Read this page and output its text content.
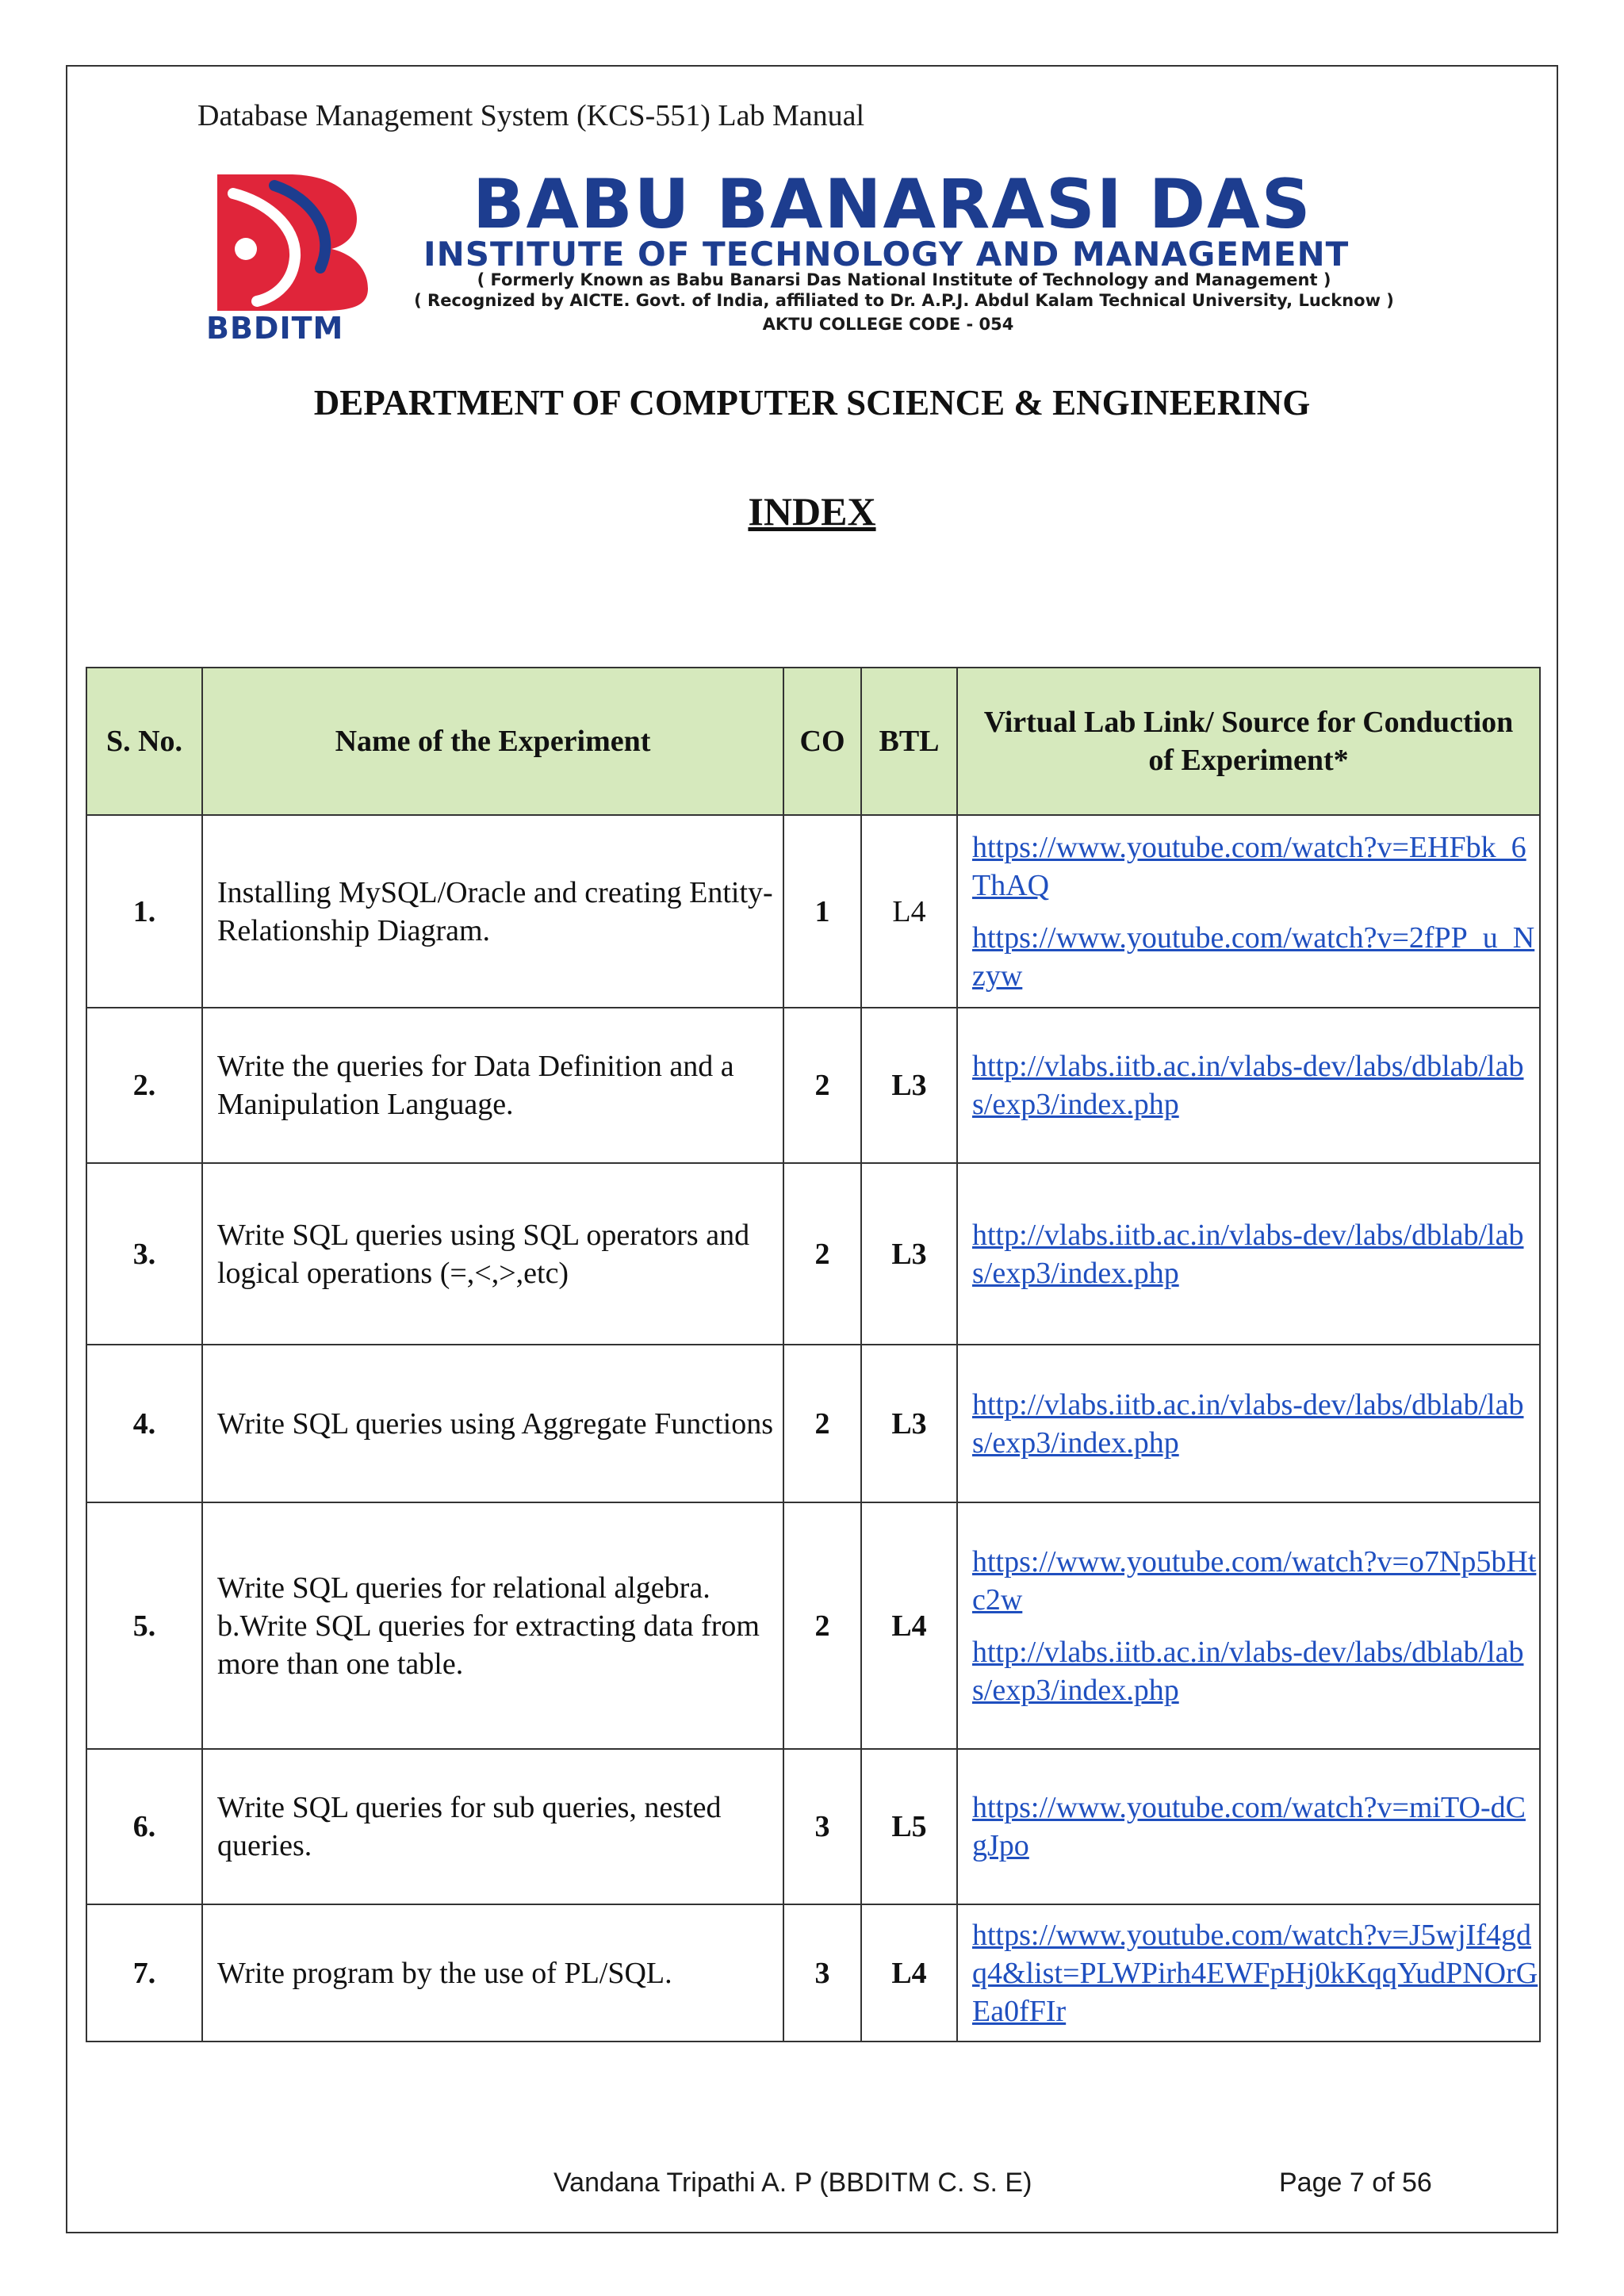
Database Management System (KCS-551) Lab Manual
BBDITM
BABU BANARASI DAS
INSTITUTE OF TECHNOLOGY AND MANAGEMENT
( Formerly Known as Babu Banarsi Das National Institute of Technology and Management )
( Recognized by AICTE. Govt. of India, affiliated to Dr. A.P.J. Abdul Kalam Technical University, Lucknow )
AKTU COLLEGE CODE - 054
DEPARTMENT OF COMPUTER SCIENCE & ENGINEERING
INDEX
S. No.	Name of the Experiment	CO	BTL	Virtual Lab Link/ Source for Conduction of Experiment*
1.	Installing MySQL/Oracle and creating Entity-Relationship Diagram.	1	L4	https://www.youtube.com/watch?v=EHFbk_6ThAQ
https://www.youtube.com/watch?v=2fPP_u_Nzyw

2.	Write the queries for Data Definition and a Manipulation Language.	2	L3	http://vlabs.iitb.ac.in/vlabs-dev/labs/dblab/labs/exp3/index.php

3.	Write SQL queries using SQL operators and logical operations (=,<,>,etc)	2	L3	http://vlabs.iitb.ac.in/vlabs-dev/labs/dblab/labs/exp3/index.php

4.	Write SQL queries using Aggregate Functions	2	L3	http://vlabs.iitb.ac.in/vlabs-dev/labs/dblab/labs/exp3/index.php

5.	Write SQL queries for relational algebra. b.Write SQL queries for extracting data from more than one table.	2	L4	https://www.youtube.com/watch?v=o7Np5bHtc2w
http://vlabs.iitb.ac.in/vlabs-dev/labs/dblab/labs/exp3/index.php

6.	Write SQL queries for sub queries, nested queries.	3	L5	https://www.youtube.com/watch?v=miTO-dCgJpo

7.	Write program by the use of PL/SQL.	3	L4	https://www.youtube.com/watch?v=J5wjIf4gdq4&list=PLWPirh4EWFpHj0kKqqYudPNOrGEa0fFIr
Vandana Tripathi A. P (BBDITM C. S. E)	Page 7 of 56
